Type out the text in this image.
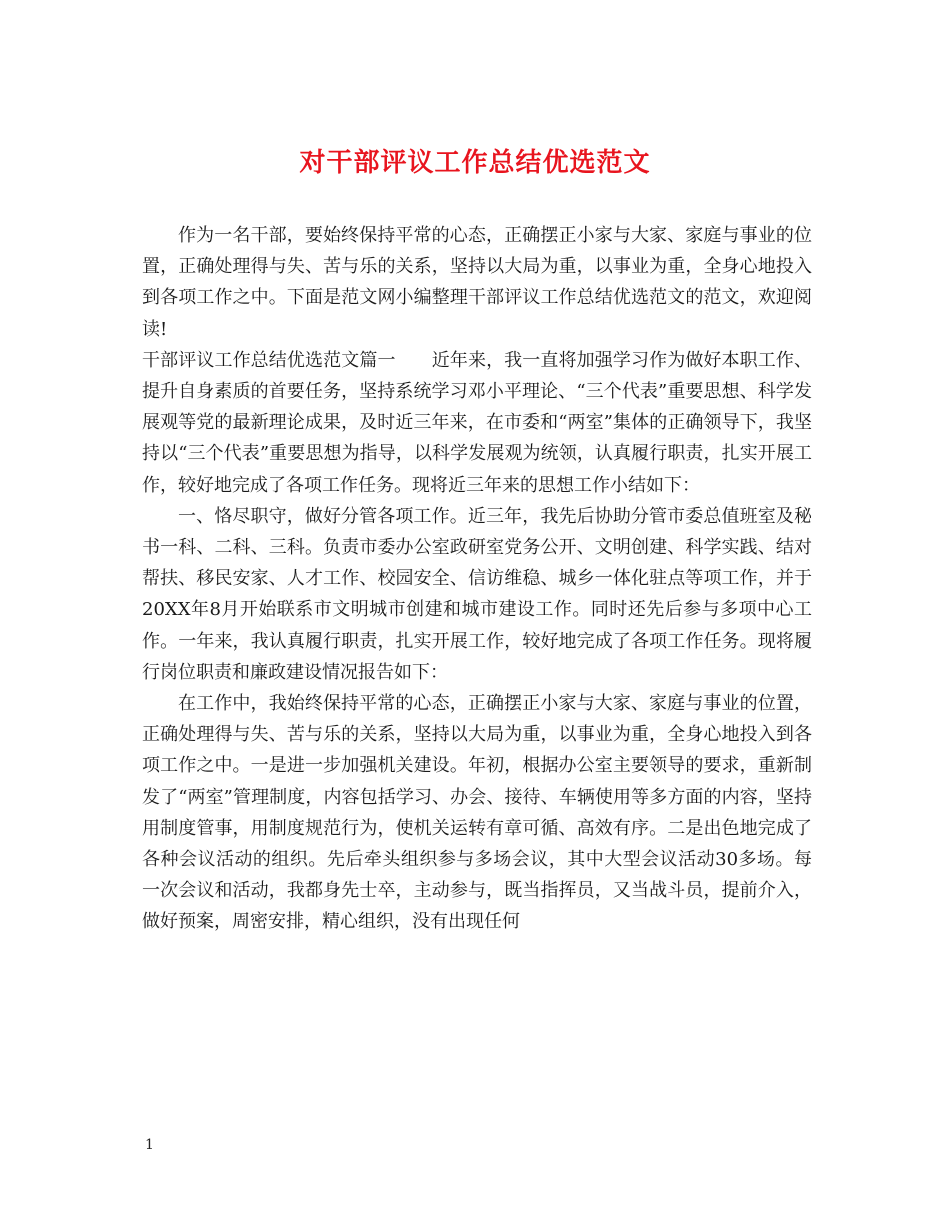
对干部评议工作总结优选范文

作为一名干部，要始终保持平常的心态，正确摆正小家与大家、家庭与事业的位置，正确处理得与失、苦与乐的关系，坚持以大局为重，以事业为重，全身心地投入到各项工作之中。下面是范文网小编整理干部评议工作总结优选范文的范文，欢迎阅读!

干部评议工作总结优选范文篇一 近年来，我一直将加强学习作为做好本职工作、提升自身素质的首要任务，坚持系统学习邓小平理论、“三个代表”重要思想、科学发展观等党的最新理论成果，及时近三年来，在市委和“两室”集体的正确领导下，我坚持以“三个代表”重要思想为指导，以科学发展观为统领，认真履行职责，扎实开展工作，较好地完成了各项工作任务。现将近三年来的思想工作小结如下：

一、恪尽职守，做好分管各项工作。近三年，我先后协助分管市委总值班室及秘书一科、二科、三科。负责市委办公室政研室党务公开、文明创建、科学实践、结对帮扶、移民安家、人才工作、校园安全、信访维稳、城乡一体化驻点等项工作，并于20XX年8月开始联系市文明城市创建和城市建设工作。同时还先后参与多项中心工作。一年来，我认真履行职责，扎实开展工作，较好地完成了各项工作任务。现将履行岗位职责和廉政建设情况报告如下：

在工作中，我始终保持平常的心态，正确摆正小家与大家、家庭与事业的位置，正确处理得与失、苦与乐的关系，坚持以大局为重，以事业为重，全身心地投入到各项工作之中。一是进一步加强机关建设。年初，根据办公室主要领导的要求，重新制发了“两室”管理制度，内容包括学习、办会、接待、车辆使用等多方面的内容，坚持用制度管事，用制度规范行为，使机关运转有章可循、高效有序。二是出色地完成了各种会议活动的组织。先后牵头组织参与多场会议，其中大型会议活动30多场。每一次会议和活动，我都身先士卒，主动参与，既当指挥员，又当战斗员，提前介入，做好预案，周密安排，精心组织，没有出现任何

1
